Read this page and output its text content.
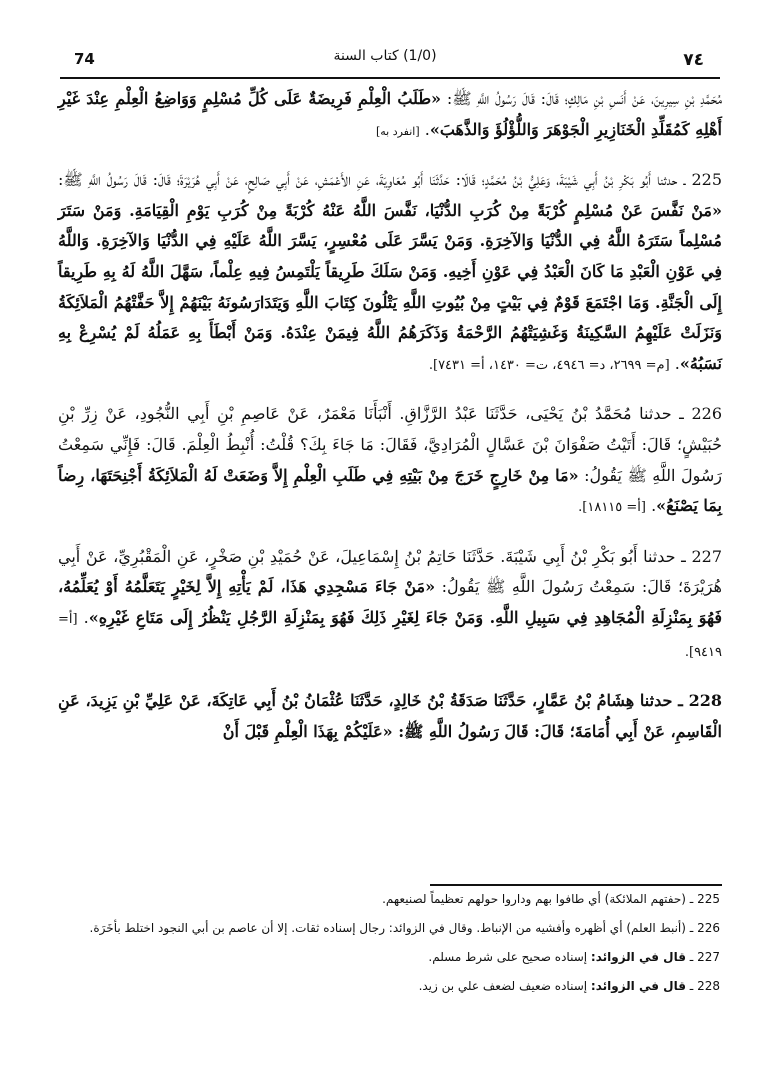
74	(1/0) كتاب السنة	٧٤

مُحَمَّدِ بْنِ سِيرِينَ، عَنْ أَنَسِ بْنِ مَالِكٍ؛ قَالَ: قَالَ رَسُولُ اللَّهِ ﷺ: «طَلَبُ الْعِلْمِ فَرِيضَةٌ عَلَى كُلِّ مُسْلِمٍ وَوَاضِعُ الْعِلْمِ عِنْدَ غَيْرِ أَهْلِهِ كَمُقَلِّدِ الْخَنَازِيرِ الْجَوْهَرَ وَاللُّؤْلُؤَ وَالذَّهَبَ». [انفرد به]

225 ـ حدثنا أَبُو بَكْرِ بْنُ أَبِي شَيْبَةَ، وَعَلِيُّ بْنُ مُحَمَّدٍ؛ قَالَا: حَدَّثَنَا أَبُو مُعَاوِيَةَ، عَنِ الأَعْمَشِ، عَنْ أَبِي صَالِحٍ، عَنْ أَبِي هُرَيْرَةَ؛ قَالَ: قَالَ رَسُولُ اللَّهِ ﷺ: «مَنْ نَفَّسَ عَنْ مُسْلِمٍ كُرْبَةً مِنْ كُرَبِ الدُّنْيَا، نَفَّسَ اللَّهُ عَنْهُ كُرْبَةً مِنْ كُرَبِ يَوْمِ الْقِيَامَةِ. وَمَنْ سَتَرَ مُسْلِماً سَتَرَهُ اللَّهُ فِي الدُّنْيَا وَالآخِرَةِ. وَمَنْ يَسَّرَ عَلَى مُعْسِرٍ، يَسَّرَ اللَّهُ عَلَيْهِ فِي الدُّنْيَا وَالآخِرَةِ. وَاللَّهُ فِي عَوْنِ الْعَبْدِ مَا كَانَ الْعَبْدُ فِي عَوْنِ أَخِيهِ. وَمَنْ سَلَكَ طَرِيقاً يَلْتَمِسُ فِيهِ عِلْماً، سَهَّلَ اللَّهُ لَهُ بِهِ طَرِيقاً إِلَى الْجَنَّةِ. وَمَا اجْتَمَعَ قَوْمٌ فِي بَيْتٍ مِنْ بُيُوتِ اللَّهِ يَتْلُونَ كِتَابَ اللَّهِ وَيَتَدَارَسُونَهُ بَيْنَهُمْ إِلاَّ حَفَّتْهُمُ الْمَلاَئِكَةُ وَنَزَلَتْ عَلَيْهِمُ السَّكِينَةُ وَغَشِيَتْهُمُ الرَّحْمَةُ وَذَكَرَهُمُ اللَّهُ فِيمَنْ عِنْدَهُ. وَمَنْ أَبْطَأَ بِهِ عَمَلُهُ لَمْ يُسْرِعْ بِهِ نَسَبُهُ». [م= ٢٦٩٩، د= ٤٩٤٦، ت= ١٤٣٠، أ= ٧٤٣١].

226 ـ حدثنا مُحَمَّدُ بْنُ يَحْيَى، حَدَّثَنَا عَبْدُ الرَّزَّاقِ. أَنْبَأَنَا مَعْمَرٌ، عَنْ عَاصِمِ بْنِ أَبِي النُّجُودِ، عَنْ زِرِّ بْنِ حُبَيْشٍ؛ قَالَ: أَتَيْتُ صَفْوَانَ بْنَ عَسَّالٍ الْمُرَادِيَّ، فَقَالَ: مَا جَاءَ بِكَ؟ قُلْتُ: أُنْبِطُ الْعِلْمَ. قَالَ: فَإِنِّي سَمِعْتُ رَسُولَ اللَّهِ ﷺ يَقُولُ: «مَا مِنْ خَارِجٍ خَرَجَ مِنْ بَيْتِهِ فِي طَلَبِ الْعِلْمِ إِلاَّ وَضَعَتْ لَهُ الْمَلاَئِكَةُ أَجْنِحَتَهَا، رِضاً بِمَا يَصْنَعُ». [أ= ١٨١١٥].

227 ـ حدثنا أَبُو بَكْرِ بْنُ أَبِي شَيْبَةَ. حَدَّثَنَا حَاتِمُ بْنُ إِسْمَاعِيلَ، عَنْ حُمَيْدِ بْنِ صَخْرٍ، عَنِ الْمَقْبُرِيِّ، عَنْ أَبِي هُرَيْرَةَ؛ قَالَ: سَمِعْتُ رَسُولَ اللَّهِ ﷺ يَقُولُ: «مَنْ جَاءَ مَسْجِدِي هَذَا، لَمْ يَأْتِهِ إِلاَّ لِخَيْرٍ يَتَعَلَّمُهُ أَوْ يُعَلِّمُهُ، فَهُوَ بِمَنْزِلَةِ الْمُجَاهِدِ فِي سَبِيلِ اللَّهِ. وَمَنْ جَاءَ لِغَيْرِ ذَلِكَ فَهُوَ بِمَنْزِلَةِ الرَّجُلِ يَنْظُرُ إِلَى مَتَاعِ غَيْرِهِ». [أ= ٩٤١٩].

228 ـ حدثنا هِشَامُ بْنُ عَمَّارٍ، حَدَّثَنَا صَدَقَةُ بْنُ خَالِدٍ، حَدَّثَنَا عُثْمَانُ بْنُ أَبِي عَاتِكَةَ، عَنْ عَلِيِّ بْنِ يَزِيدَ، عَنِ الْقَاسِمِ، عَنْ أَبِي أُمَامَةَ؛ قَالَ: قَالَ رَسُولُ اللَّهِ ﷺ: «عَلَيْكُمْ بِهَذَا الْعِلْمِ قَبْلَ أَنْ

225 ـ (حفتهم الملائكة) أي طافوا بهم وداروا حولهم تعظيماً لصنيعهم.

226 ـ (أنبط العلم) أي أظهره وأفشيه من الإنباط. وقال في الزوائد: رجال إسناده ثقات. إلا أن عاصم بن أبي النجود اختلط بأخَرَة.

227 ـ قال في الزوائد: إسناده صحيح على شرط مسلم.

228 ـ قال في الزوائد: إسناده ضعيف لضعف علي بن زيد.
